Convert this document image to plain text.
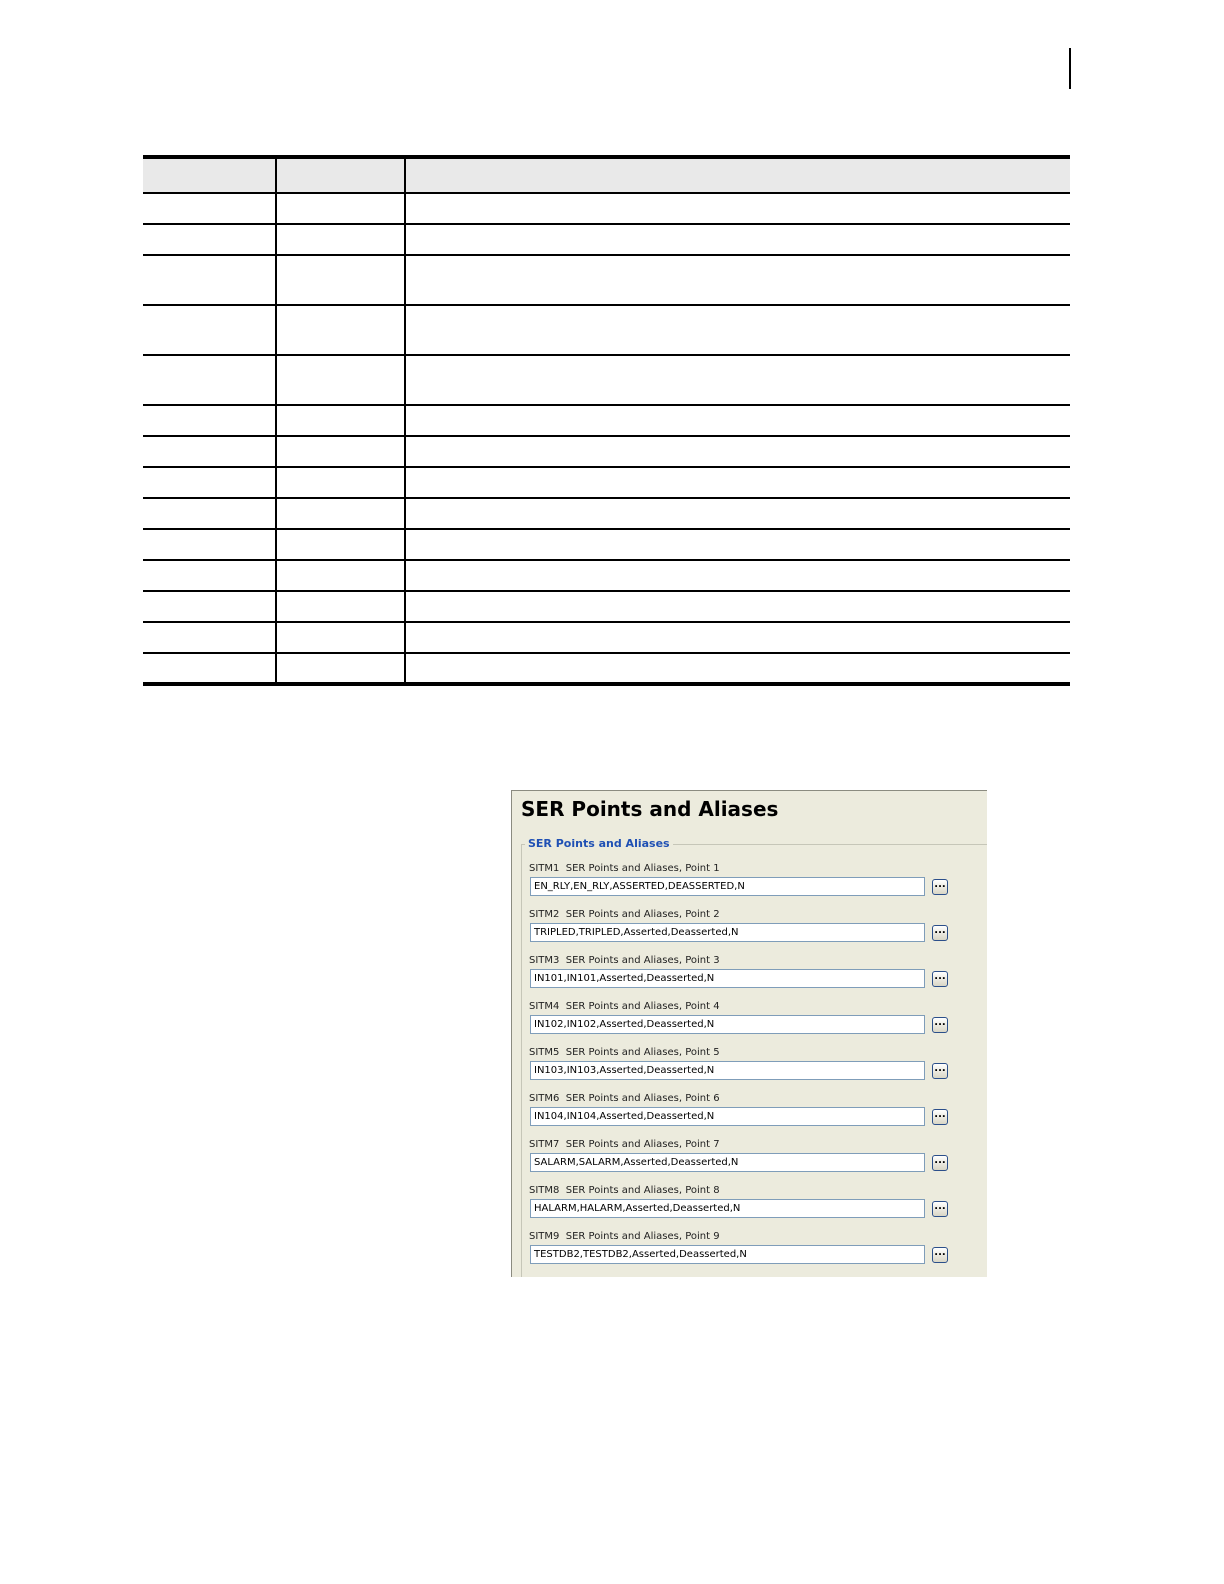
SER Points and Aliases
SER Points and Aliases
SITM1  SER Points and Aliases, Point 1
EN_RLY,EN_RLY,ASSERTED,DEASSERTED,N	...
SITM2  SER Points and Aliases, Point 2
TRIPLED,TRIPLED,Asserted,Deasserted,N	...
SITM3  SER Points and Aliases, Point 3
IN101,IN101,Asserted,Deasserted,N	...
SITM4  SER Points and Aliases, Point 4
IN102,IN102,Asserted,Deasserted,N	...
SITM5  SER Points and Aliases, Point 5
IN103,IN103,Asserted,Deasserted,N	...
SITM6  SER Points and Aliases, Point 6
IN104,IN104,Asserted,Deasserted,N	...
SITM7  SER Points and Aliases, Point 7
SALARM,SALARM,Asserted,Deasserted,N	...
SITM8  SER Points and Aliases, Point 8
HALARM,HALARM,Asserted,Deasserted,N	...
SITM9  SER Points and Aliases, Point 9
TESTDB2,TESTDB2,Asserted,Deasserted,N	...
